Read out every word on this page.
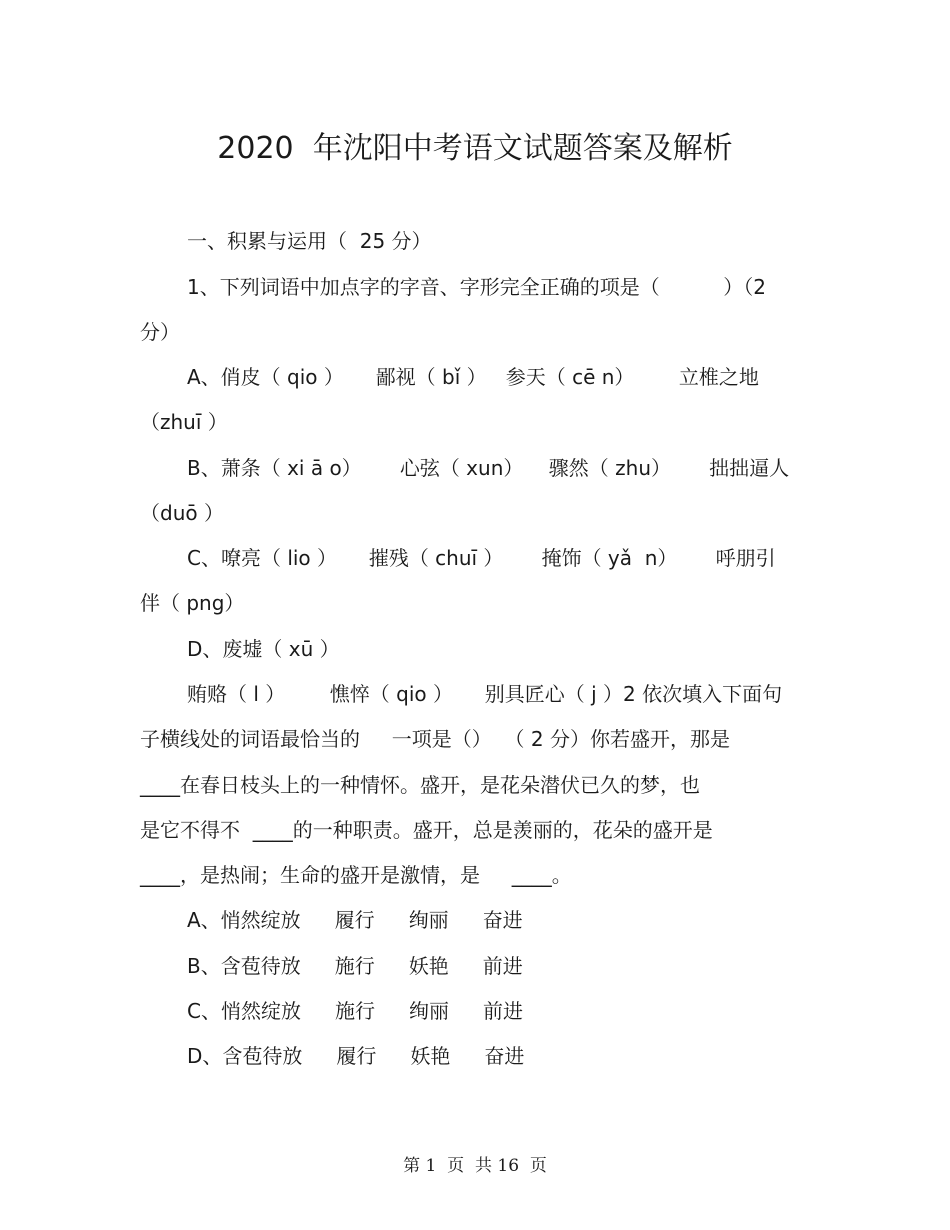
2020  年沈阳中考语文试题答案及解析
一、积累与运用（  25 分）
1、下列词语中加点字的字音、字形完全正确的项是（          ）（2
分）
A、俏皮（ qio ）     鄙视（ bǐ ）   参天（ cē n）       立椎之地
（zhuī ）
B、萧条（ xi ā o）      心弦（ xun）    骤然（ zhu）      拙拙逼人
（duō ）
C、嘹亮（ lio ）     摧残（ chuī ）      掩饰（ yǎ  n）      呼朋引
伴（ png）
D、废墟（ xū ）
贿赂（ l ）       憔悴（ qio ）     别具匠心（ j ）2 依次填入下面句
子横线处的词语最恰当的     一项是（）  （ 2 分）你若盛开，那是
____在春日枝头上的一种情怀。盛开，是花朵潜伏已久的梦，也
是它不得不  ____的一种职责。盛开，总是羡丽的，花朵的盛开是
____，是热闹；生命的盛开是激情，是     ____。
A、悄然绽放 履行 绚丽 奋进
B、含苞待放 施行 妖艳 前进
C、悄然绽放 施行 绚丽 前进
D、含苞待放 履行 妖艳 奋进
第 1  页  共 16  页
